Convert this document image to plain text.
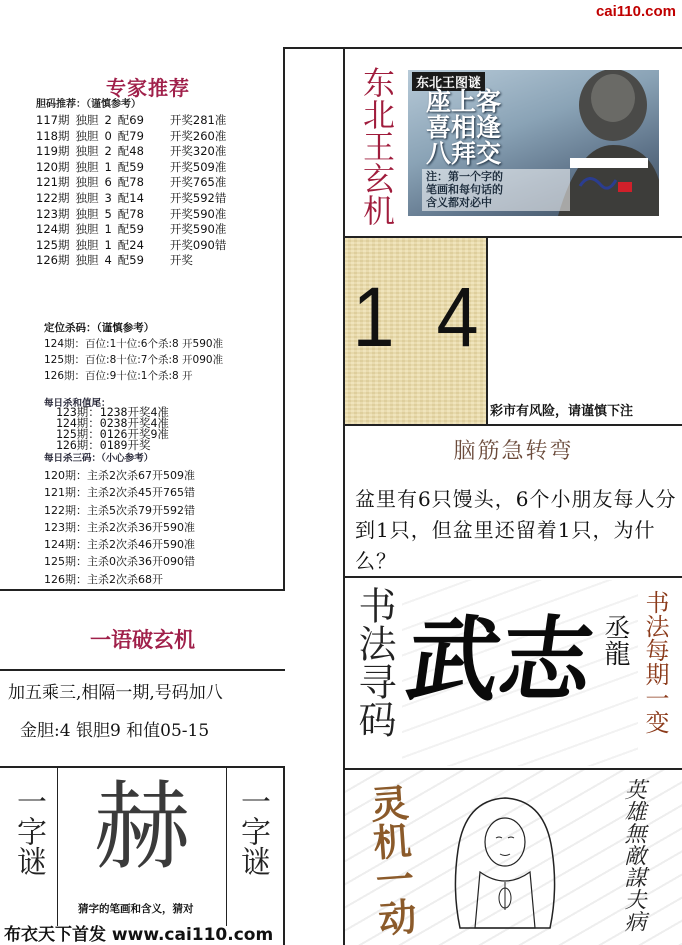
cai110.com
专家推荐
胆码推荐：（谨慎参考）
117期	独胆	2	配69	开奖281准
118期	独胆	0	配79	开奖260准
119期	独胆	2	配48	开奖320准
120期	独胆	1	配59	开奖509准
121期	独胆	6	配78	开奖765准
122期	独胆	3	配14	开奖592错
123期	独胆	5	配78	开奖590准
124期	独胆	1	配59	开奖590准
125期	独胆	1	配24	开奖090错
126期	独胆	4	配59	开奖
定位杀码：（谨慎参考）
124期：百位:1十位:6个杀:8 开590准
125期：百位:8十位:7个杀:8 开090准
126期：百位:9十位:1个杀:8 开
每日杀和值尾：
123期：1238开奖4准
124期：0238开奖4准
125期：0126开奖9准
126期：0189开奖
每日杀三码：（小心参考）
120期：主杀2次杀67开509准
121期：主杀2次杀45开765错
122期：主杀5次杀79开592错
123期：主杀2次杀36开590准
124期：主杀2次杀46开590准
125期：主杀0次杀36开090错
126期：主杀2次杀68开
一语破玄机
加五乘三,相隔一期,号码加八
金胆:4 银胆9 和值05-15
一字谜	一字谜
赫
猜字的笔画和含义，猜对
布衣天下首发 www.cai110.com
东北王玄机	东北王图谜
座上客
喜相逢
八拜交
注：第一个字的
笔画和每句话的
含义都对必中
1  4
彩市有风险，请谨慎下注
脑筋急转弯
盆里有6只馒头，6个小朋友每人分到1只，但盆里还留着1只，为什么？
书法寻码 武志 丞龍 书法每期一变
灵机一动	英雄無敵謀夫病
